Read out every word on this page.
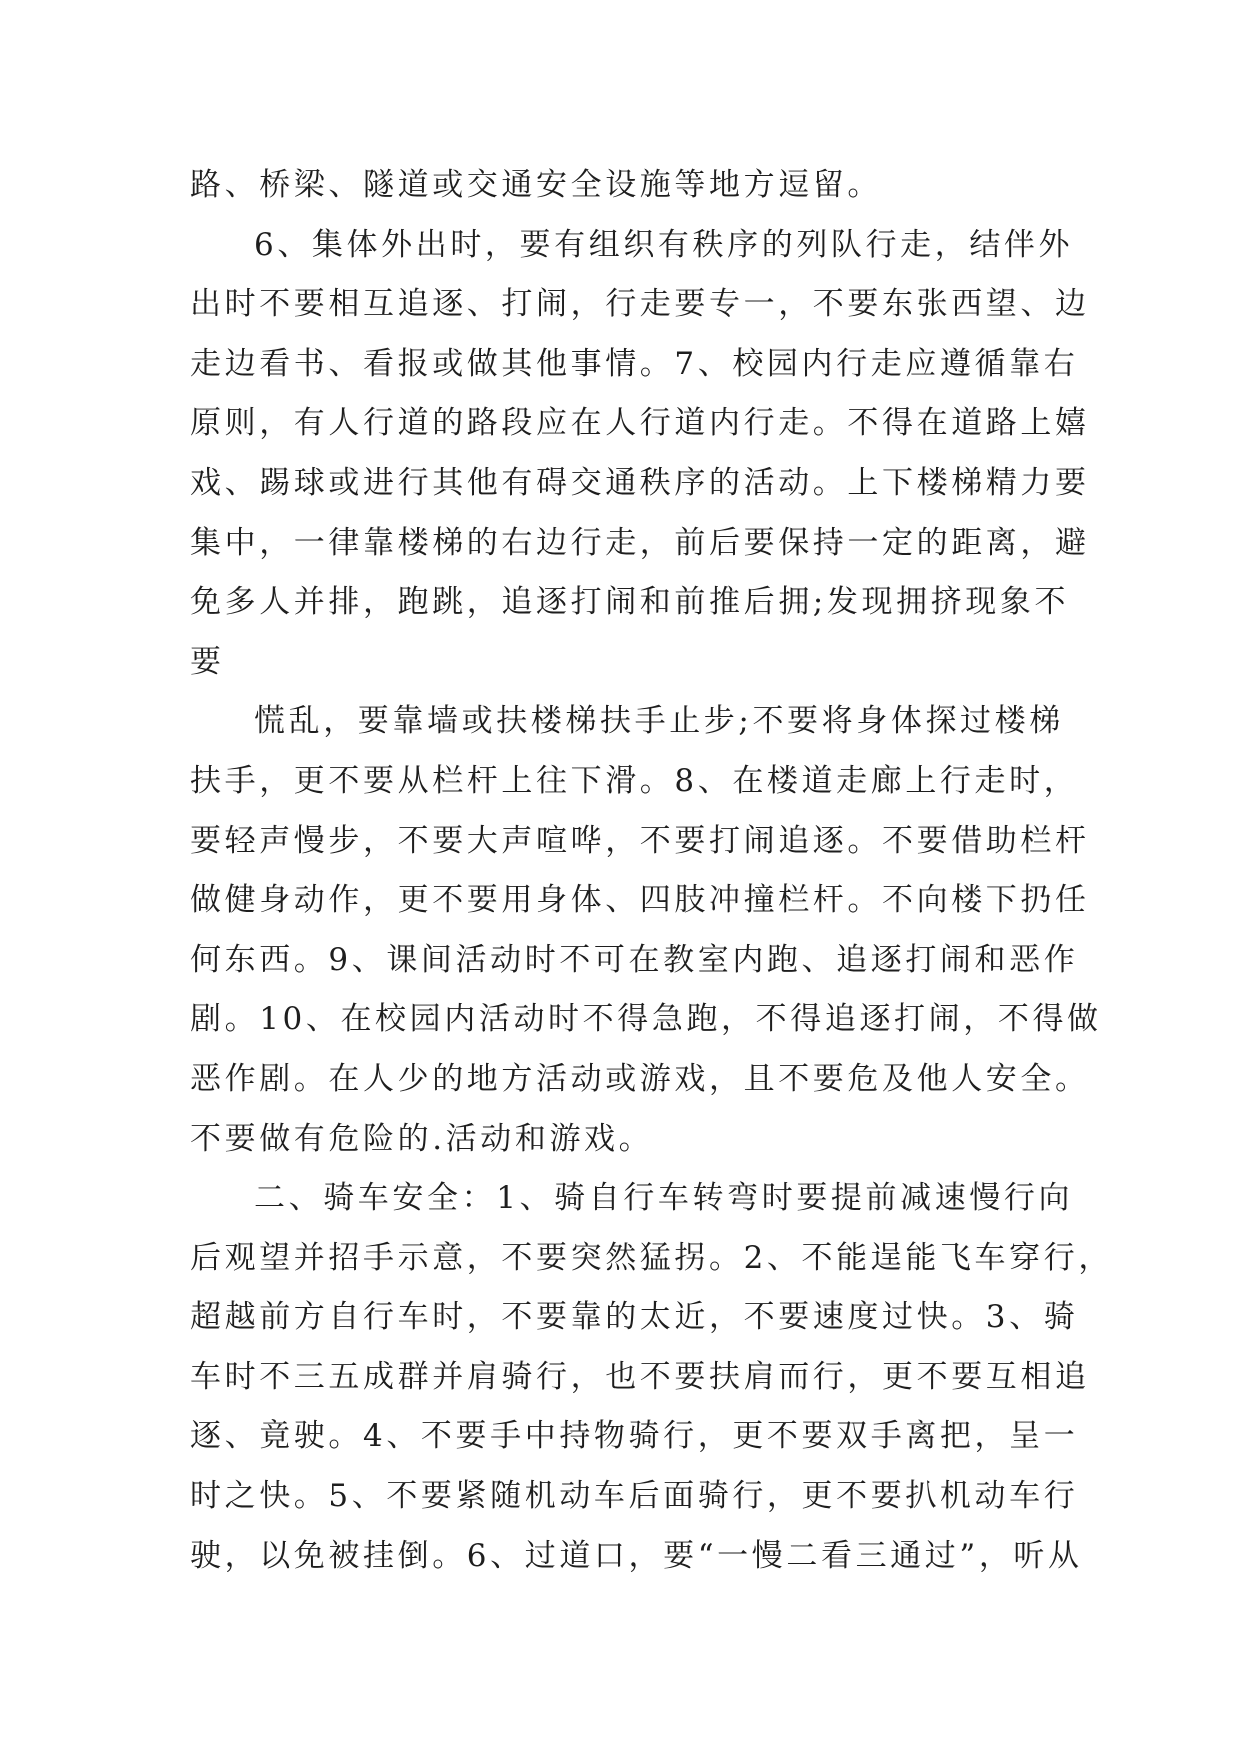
路、桥梁、隧道或交通安全设施等地方逗留。
6、集体外出时，要有组织有秩序的列队行走，结伴外
出时不要相互追逐、打闹，行走要专一，不要东张西望、边
走边看书、看报或做其他事情。7、校园内行走应遵循靠右
原则，有人行道的路段应在人行道内行走。不得在道路上嬉
戏、踢球或进行其他有碍交通秩序的活动。上下楼梯精力要
集中，一律靠楼梯的右边行走，前后要保持一定的距离，避
免多人并排，跑跳，追逐打闹和前推后拥;发现拥挤现象不
要
慌乱，要靠墙或扶楼梯扶手止步;不要将身体探过楼梯
扶手，更不要从栏杆上往下滑。8、在楼道走廊上行走时，
要轻声慢步，不要大声喧哗，不要打闹追逐。不要借助栏杆
做健身动作，更不要用身体、四肢冲撞栏杆。不向楼下扔任
何东西。9、课间活动时不可在教室内跑、追逐打闹和恶作
剧。10、在校园内活动时不得急跑，不得追逐打闹，不得做
恶作剧。在人少的地方活动或游戏，且不要危及他人安全。
不要做有危险的.活动和游戏。
二、骑车安全：1、骑自行车转弯时要提前减速慢行向
后观望并招手示意，不要突然猛拐。2、不能逞能飞车穿行，
超越前方自行车时，不要靠的太近，不要速度过快。3、骑
车时不三五成群并肩骑行，也不要扶肩而行，更不要互相追
逐、竟驶。4、不要手中持物骑行，更不要双手离把，呈一
时之快。5、不要紧随机动车后面骑行，更不要扒机动车行
驶，以免被挂倒。6、过道口，要“一慢二看三通过”，听从
